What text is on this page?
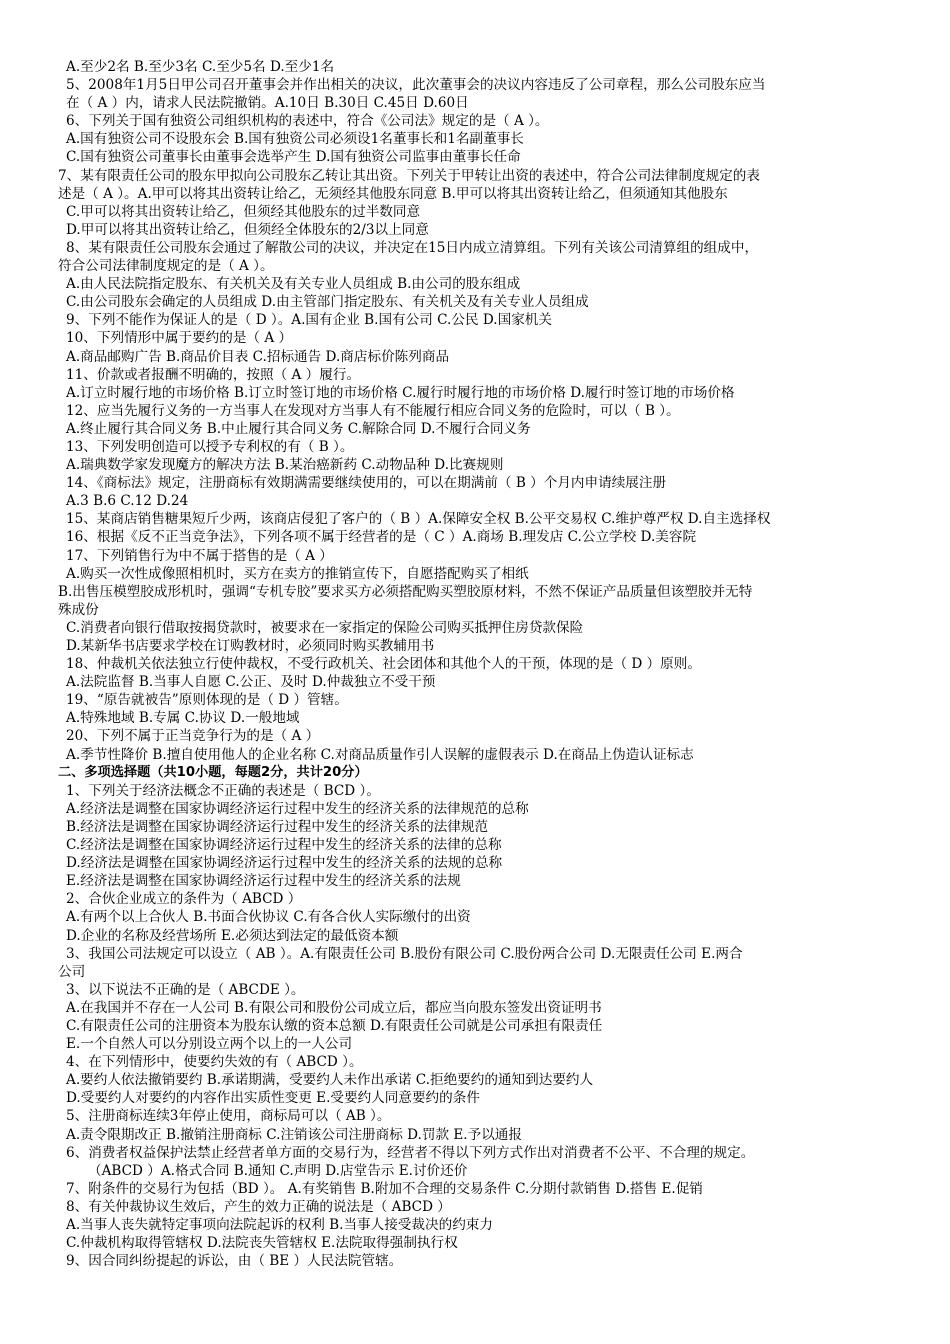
A.至少2名 B.至少3名 C.至少5名 D.至少1名
5、2008年1月5日甲公司召开董事会并作出相关的决议，此次董事会的决议内容违反了公司章程，那么公司股东应当
在（ A ）内，请求人民法院撤销。A.10日 B.30日 C.45日 D.60日
6、下列关于国有独资公司组织机构的表述中，符合《公司法》规定的是（ A ）。
A.国有独资公司不设股东会 B.国有独资公司必须设1名董事长和1名副董事长
C.国有独资公司董事长由董事会选举产生 D.国有独资公司监事由董事长任命
7、某有限责任公司的股东甲拟向公司股东乙转让其出资。下列关于甲转让出资的表述中，符合公司法律制度规定的表
述是（ A ）。A.甲可以将其出资转让给乙，无须经其他股东同意 B.甲可以将其出资转让给乙，但须通知其他股东
C.甲可以将其出资转让给乙，但须经其他股东的过半数同意
D.甲可以将其出资转让给乙，但须经全体股东的2/3以上同意
8、某有限责任公司股东会通过了解散公司的决议，并决定在15日内成立清算组。下列有关该公司清算组的组成中，
符合公司法律制度规定的是（ A ）。
A.由人民法院指定股东、有关机关及有关专业人员组成 B.由公司的股东组成
C.由公司股东会确定的人员组成 D.由主管部门指定股东、有关机关及有关专业人员组成
9、下列不能作为保证人的是（ D ）。A.国有企业 B.国有公司 C.公民 D.国家机关
10、下列情形中属于要约的是（ A ）
A.商品邮购广告 B.商品价目表 C.招标通告 D.商店标价陈列商品
11、价款或者报酬不明确的，按照（ A ）履行。
A.订立时履行地的市场价格 B.订立时签订地的市场价格 C.履行时履行地的市场价格 D.履行时签订地的市场价格
12、应当先履行义务的一方当事人在发现对方当事人有不能履行相应合同义务的危险时，可以（ B ）。
A.终止履行其合同义务 B.中止履行其合同义务 C.解除合同 D.不履行合同义务
13、下列发明创造可以授予专利权的有（ B ）。
A.瑞典数学家发现魔方的解决方法 B.某治癌新药 C.动物品种 D.比赛规则
14、《商标法》规定，注册商标有效期满需要继续使用的，可以在期满前（ B ）个月内申请续展注册
A.3 B.6 C.12 D.24
15、某商店销售糖果短斤少两，该商店侵犯了客户的（ B ）A.保障安全权 B.公平交易权 C.维护尊严权 D.自主选择权
16、根据《反不正当竞争法》，下列各项不属于经营者的是（ C ）A.商场 B.理发店 C.公立学校 D.美容院
17、下列销售行为中不属于搭售的是（ A ）
A.购买一次性成像照相机时，买方在卖方的推销宣传下，自愿搭配购买了相纸
B.出售压模塑胶成形机时，强调“专机专胶”要求买方必须搭配购买塑胶原材料，不然不保证产品质量但该塑胶并无特
殊成份
C.消费者向银行借取按揭贷款时，被要求在一家指定的保险公司购买抵押住房贷款保险
D.某新华书店要求学校在订购教材时，必须同时购买教辅用书
18、仲裁机关依法独立行使仲裁权，不受行政机关、社会团体和其他个人的干预，体现的是（ D ）原则。
A.法院监督 B.当事人自愿 C.公正、及时 D.仲裁独立不受干预
19、“原告就被告”原则体现的是（ D ）管辖。
A.特殊地域 B.专属 C.协议 D.一般地域
20、下列不属于正当竞争行为的是（ A ）
A.季节性降价 B.擅自使用他人的企业名称 C.对商品质量作引人误解的虚假表示 D.在商品上伪造认证标志
二、多项选择题（共10小题，每题2分，共计20分）
1、下列关于经济法概念不正确的表述是（ BCD ）。
A.经济法是调整在国家协调经济运行过程中发生的经济关系的法律规范的总称
B.经济法是调整在国家协调经济运行过程中发生的经济关系的法律规范
C.经济法是调整在国家协调经济运行过程中发生的经济关系的法律的总称
D.经济法是调整在国家协调经济运行过程中发生的经济关系的法规的总称
E.经济法是调整在国家协调经济运行过程中发生的经济关系的法规
2、合伙企业成立的条件为（ ABCD ）
A.有两个以上合伙人 B.书面合伙协议 C.有各合伙人实际缴付的出资
D.企业的名称及经营场所 E.必须达到法定的最低资本额
3、我国公司法规定可以设立（ AB ）。A.有限责任公司 B.股份有限公司 C.股份两合公司 D.无限责任公司 E.两合
公司
3、以下说法不正确的是（ ABCDE ）。
A.在我国并不存在一人公司 B.有限公司和股份公司成立后，都应当向股东签发出资证明书
C.有限责任公司的注册资本为股东认缴的资本总额 D.有限责任公司就是公司承担有限责任
E.一个自然人可以分别设立两个以上的一人公司
4、在下列情形中，使要约失效的有（ ABCD ）。
A.要约人依法撤销要约 B.承诺期满，受要约人未作出承诺 C.拒绝要约的通知到达要约人
D.受要约人对要约的内容作出实质性变更 E.受要约人同意要约的条件
5、注册商标连续3年停止使用，商标局可以（ AB ）。
A.责令限期改正 B.撤销注册商标 C.注销该公司注册商标 D.罚款 E.予以通报
6、消费者权益保护法禁止经营者单方面的交易行为，经营者不得以下列方式作出对消费者不公平、不合理的规定。
（ABCD ）A.格式合同 B.通知 C.声明 D.店堂告示 E.讨价还价
7、附条件的交易行为包括（BD ）。 A.有奖销售 B.附加不合理的交易条件 C.分期付款销售 D.搭售 E.促销
8、有关仲裁协议生效后，产生的效力正确的说法是（ ABCD ）
A.当事人丧失就特定事项向法院起诉的权利 B.当事人接受裁决的约束力
C.仲裁机构取得管辖权 D.法院丧失管辖权 E.法院取得强制执行权
9、因合同纠纷提起的诉讼，由（ BE ）人民法院管辖。
